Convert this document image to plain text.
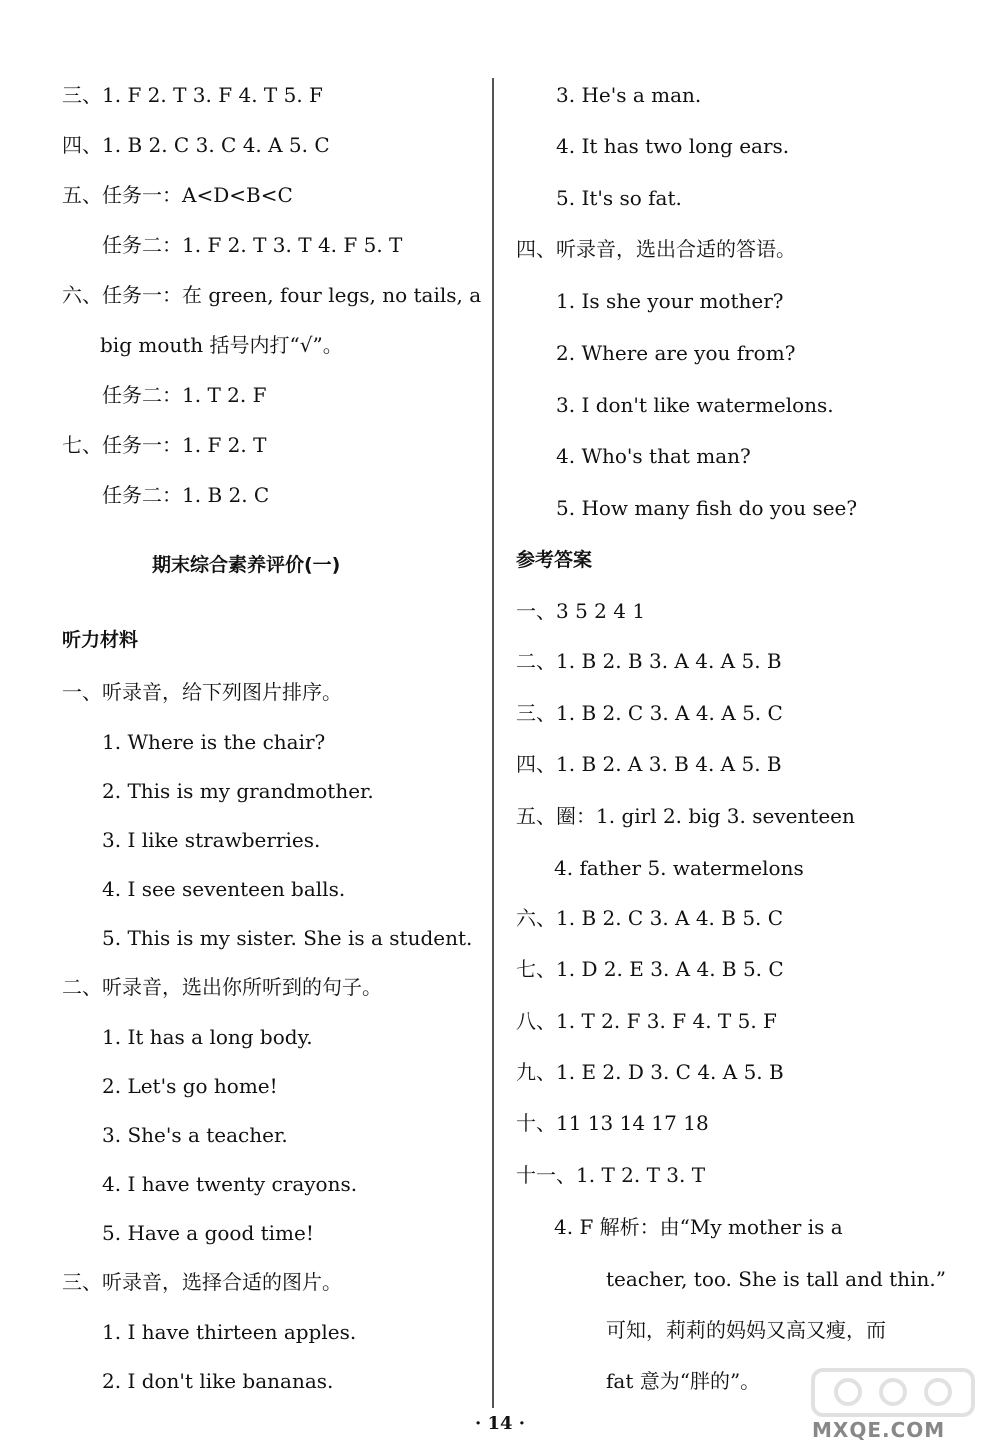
三、1. F 2. T 3. F 4. T 5. F
四、1. B 2. C 3. C 4. A 5. C
五、任务一：A<D<B<C
任务二：1. F 2. T 3. T 4. F 5. T
六、任务一：在 green, four legs, no tails, a
big mouth 括号内打“√”。
任务二：1. T 2. F
七、任务一：1. F 2. T
任务二：1. B 2. C
期末综合素养评价(一)
听力材料
一、听录音，给下列图片排序。
1. Where is the chair?
2. This is my grandmother.
3. I like strawberries.
4. I see seventeen balls.
5. This is my sister. She is a student.
二、听录音，选出你所听到的句子。
1. It has a long body.
2. Let's go home!
3. She's a teacher.
4. I have twenty crayons.
5. Have a good time!
三、听录音，选择合适的图片。
1. I have thirteen apples.
2. I don't like bananas.
3. He's a man.
4. It has two long ears.
5. It's so fat.
四、听录音，选出合适的答语。
1. Is she your mother?
2. Where are you from?
3. I don't like watermelons.
4. Who's that man?
5. How many fish do you see?
参考答案
一、3 5 2 4 1
二、1. B 2. B 3. A 4. A 5. B
三、1. B 2. C 3. A 4. A 5. C
四、1. B 2. A 3. B 4. A 5. B
五、圈：1. girl 2. big 3. seventeen
4. father 5. watermelons
六、1. B 2. C 3. A 4. B 5. C
七、1. D 2. E 3. A 4. B 5. C
八、1. T 2. F 3. F 4. T 5. F
九、1. E 2. D 3. C 4. A 5. B
十、11 13 14 17 18
十一、1. T 2. T 3. T
4. F 解析：由“My mother is a
teacher, too. She is tall and thin.”
可知，莉莉的妈妈又高又瘦，而
fat 意为“胖的”。
· 14 ·	MXQE.COM
